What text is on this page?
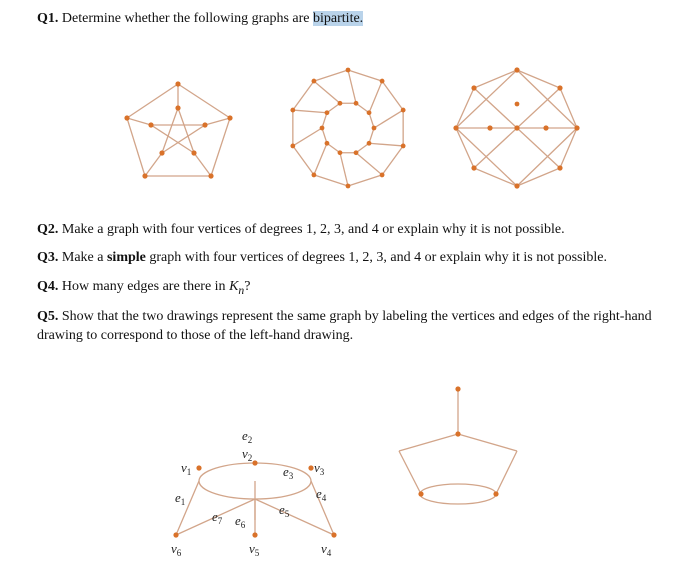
Q1. Determine whether the following graphs are bipartite.
Q2. Make a graph with four vertices of degrees 1, 2, 3, and 4 or explain why it is not possible.
Q3. Make a simple graph with four vertices of degrees 1, 2, 3, and 4 or explain why it is not possible.
Q4. How many edges are there in $K_n$?
Q5. Show that the two drawings represent the same graph by labeling the vertices and edges of the right-hand drawing to correspond to those of the left-hand drawing.
$e_2$
$v_2$
$v_1$	$e_3$
$v_3$
$e_1$
$e_4$
$e_5$
$e_7$ $e_6$
$v_6$	$v_5$	$v_4$
